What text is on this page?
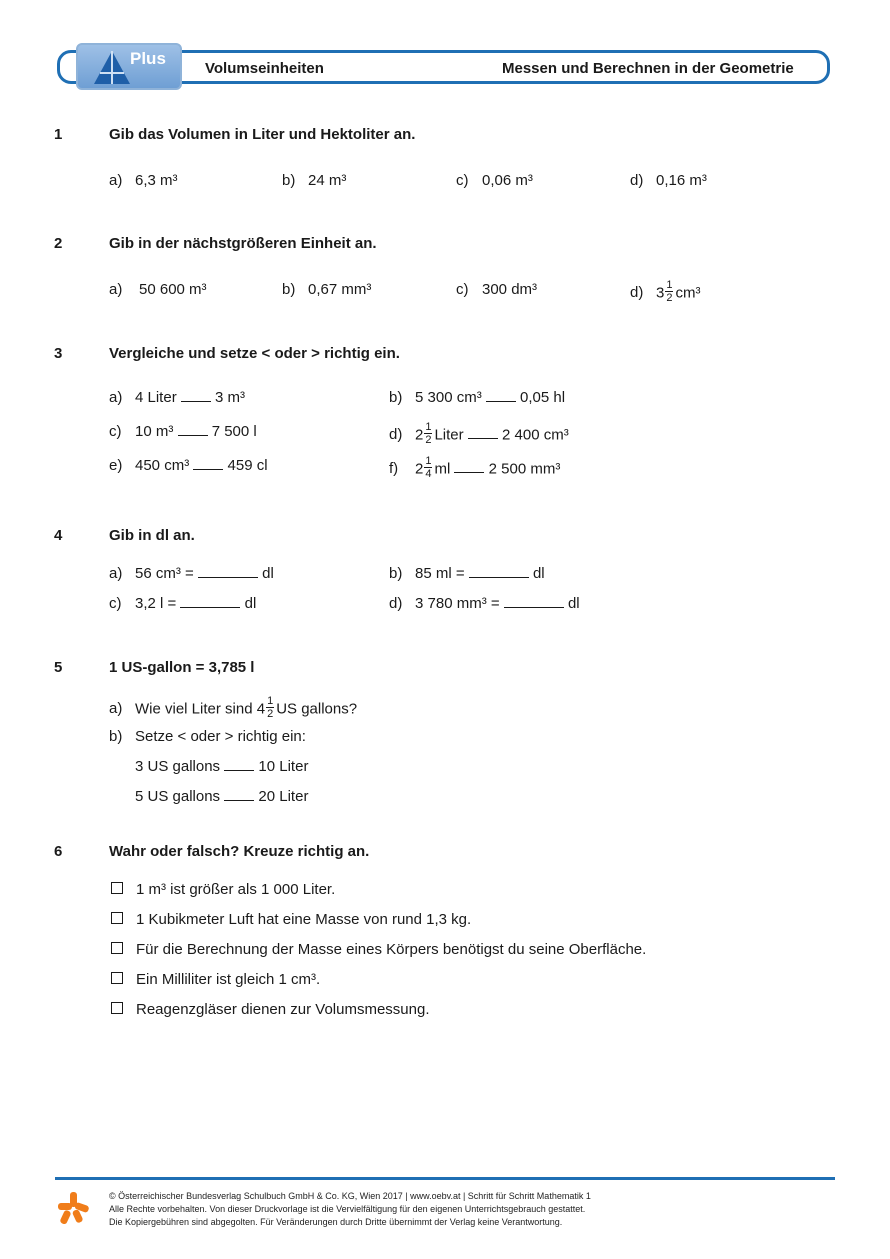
Plus
Volumseinheiten	Messen und Berechnen in der Geometrie
1	Gib das Volumen in Liter und Hektoliter an.
a) 6,3 m³	b) 24 m³	c) 0,06 m³	d) 0,16 m³
2	Gib in der nächstgrößeren Einheit an.
a) 50 600 m³	b) 0,67 mm³	c) 300 dm³	d) $3 \frac{1}{2} cm^3$
3	Vergleiche und setze < oder > richtig ein.
a) 4 Liter	3 m³	b) 5 300 cm³	0,05 hl
c) 10 m³	7 500 l	d) $2 \frac{1}{2}$ Liter	2 400 cm³
e) 450 cm³	459 cl	f) $2 \frac{1}{4}$ ml	2 500 mm³
4	Gib in dl an.
a) 56 cm³ =	dl	b) 85 ml =	dl
c) 3,2 l =	dl	d) 3 780 mm³ =	dl
5	1 US-gallon = 3,785 l
a) Wie viel Liter sind $4 \frac{1}{2}$ US gallons?
b) Setze < oder > richtig ein:
3 US gallons	10 Liter
5 US gallons	20 Liter
6	Wahr oder falsch? Kreuze richtig an.
1 m³ ist größer als 1 000 Liter.
1 Kubikmeter Luft hat eine Masse von rund 1,3 kg.
Für die Berechnung der Masse eines Körpers benötigst du seine Oberfläche.
Ein Milliliter ist gleich 1 cm³.
Reagenzgläser dienen zur Volumsmessung.
© Österreichischer Bundesverlag Schulbuch GmbH & Co. KG, Wien 2017 | www.oebv.at | Schritt für Schritt Mathematik 1
Alle Rechte vorbehalten. Von dieser Druckvorlage ist die Vervielfältigung für den eigenen Unterrichtsgebrauch gestattet.
Die Kopiergebühren sind abgegolten. Für Veränderungen durch Dritte übernimmt der Verlag keine Verantwortung.
